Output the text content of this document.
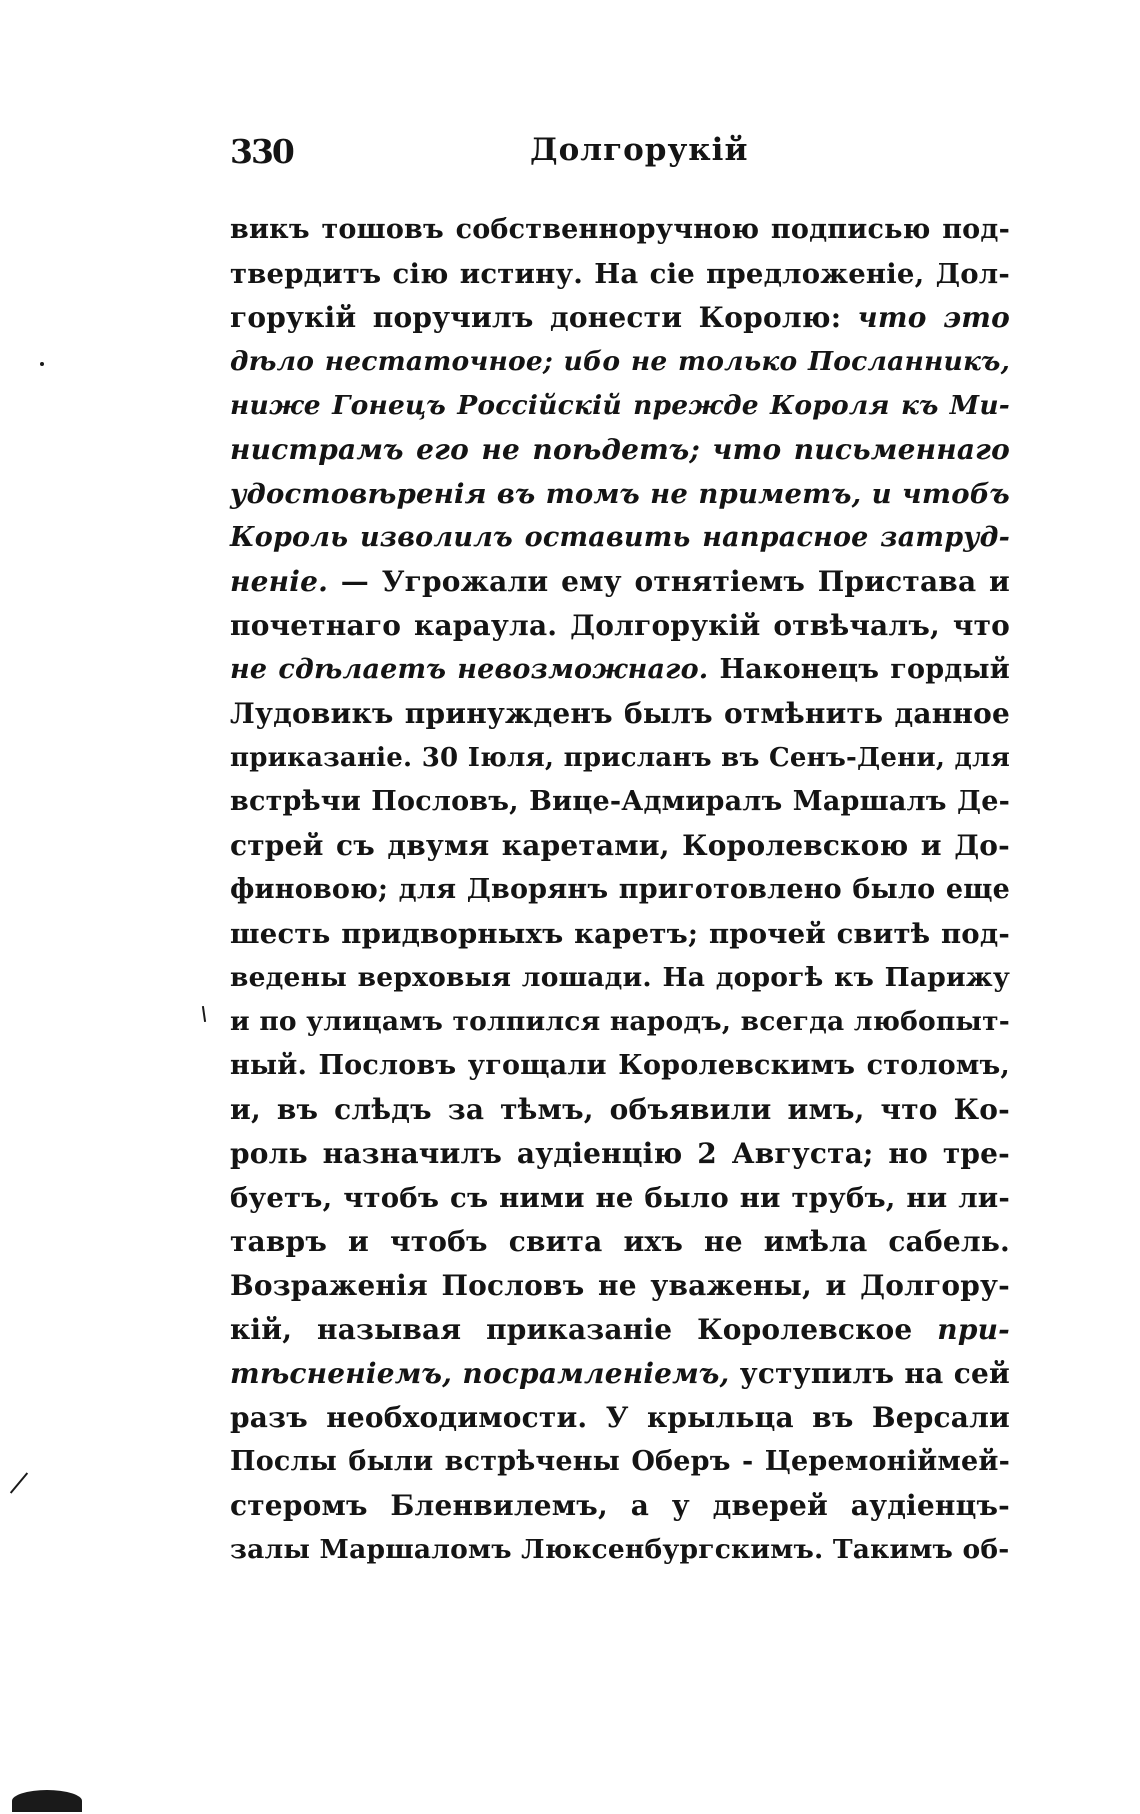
330	Долгорукій
викъ тошовъ собственноручною подписью под-
твердитъ сію истину. На сіе предложеніе, Дол-
горукій поручилъ донести Королю: что это
дѣло нестаточное; ибо не только Посланникъ,
ниже Гонецъ Россійскій прежде Короля къ Ми-
нистрамъ его не поѣдетъ; что письменнаго
удостовѣренія въ томъ не приметъ, и чтобъ
Король изволилъ оставить напрасное затруд-
неніе. — Угрожали ему отнятіемъ Пристава и
почетнаго караула. Долгорукій отвѣчалъ, что
не сдѣлаетъ невозможнаго. Наконецъ гордый
Лудовикъ принужденъ былъ отмѣнить данное
приказаніе. 30 Іюля, присланъ въ Сенъ-Дени, для
встрѣчи Пословъ, Вице-Адмиралъ Маршалъ Де-
стрей съ двумя каретами, Королевскою и До-
финовою; для Дворянъ приготовлено было еще
шесть придворныхъ каретъ; прочей свитѣ под-
ведены верховыя лошади. На дорогѣ къ Парижу
и по улицамъ толпился народъ, всегда любопыт-
ный. Пословъ угощали Королевскимъ столомъ,
и, въ слѣдъ за тѣмъ, объявили имъ, что Ко-
роль назначилъ аудіенцію 2 Августа; но тре-
буетъ, чтобъ съ ними не было ни трубъ, ни ли-
тавръ и чтобъ свита ихъ не имѣла сабель.
Возраженія Пословъ не уважены, и Долгору-
кій, называя приказаніе Королевское при-
тѣсненіемъ, посрамленіемъ, уступилъ на сей
разъ необходимости. У крыльца въ Версали
Послы были встрѣчены Оберъ - Церемоніймей-
стеромъ Бленвилемъ, а у дверей аудіенцъ-
залы Маршаломъ Люксенбургскимъ. Такимъ об-
